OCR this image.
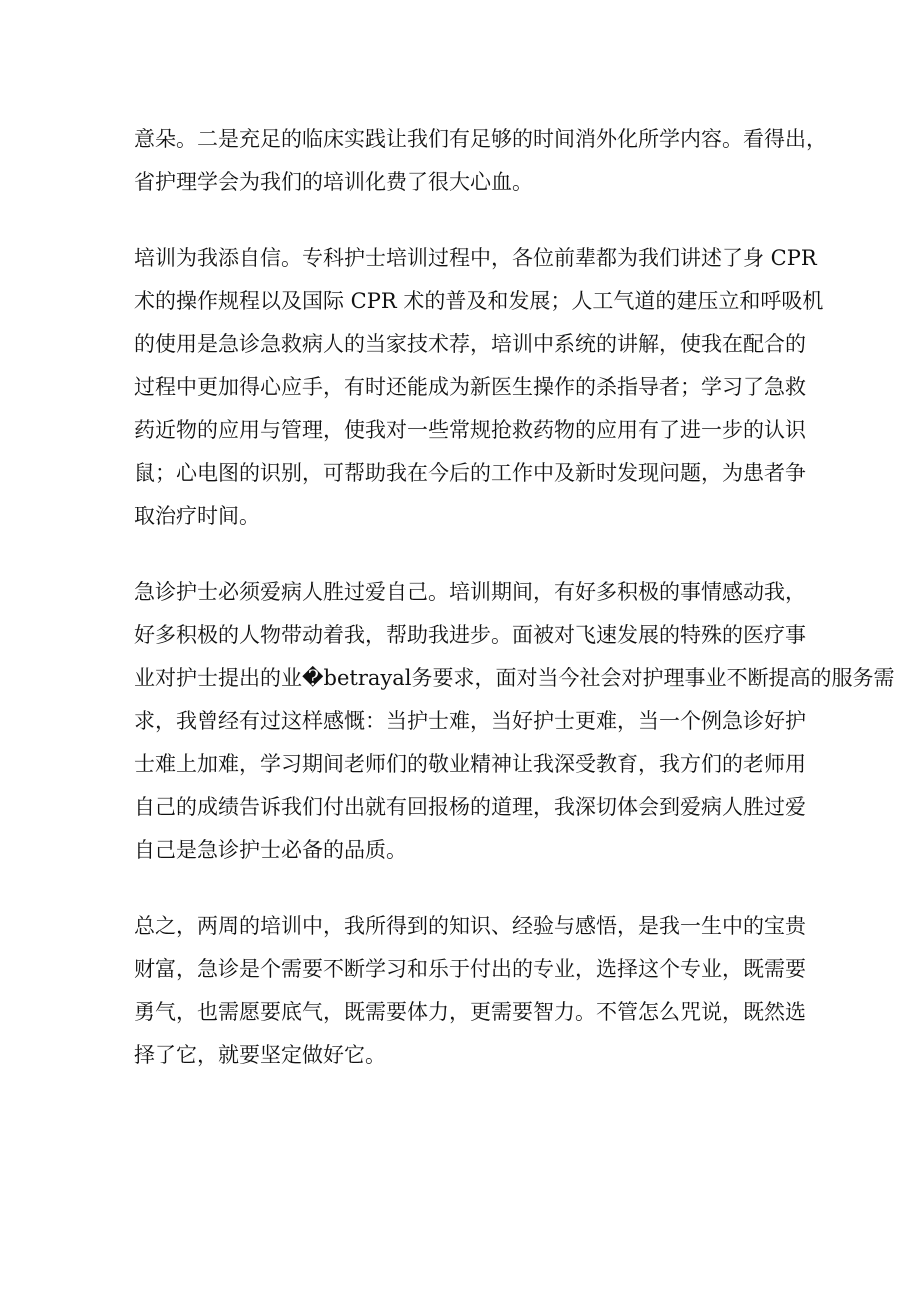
意朵。二是充足的临床实践让我们有足够的时间消外化所学内容。看得出，
省护理学会为我们的培训化费了很大心血。

培训为我添自信。专科护士培训过程中，各位前辈都为我们讲述了身 CPR
术的操作规程以及国际 CPR 术的普及和发展；人工气道的建压立和呼吸机
的使用是急诊急救病人的当家技术荐，培训中系统的讲解，使我在配合的
过程中更加得心应手，有时还能成为新医生操作的杀指导者；学习了急救
药近物的应用与管理，使我对一些常规抢救药物的应用有了进一步的认识
鼠；心电图的识别，可帮助我在今后的工作中及新时发现问题，为患者争
取治疗时间。

急诊护士必须爱病人胜过爱自己。培训期间，有好多积极的事情感动我，
好多积极的人物带动着我，帮助我进步。面被对飞速发展的特殊的医疗事
业对护士提出的业�betrayal务要求，面对当今社会对护理事业不断提高的服务需
求，我曾经有过这样感慨：当护士难，当好护士更难，当一个例急诊好护
士难上加难，学习期间老师们的敬业精神让我深受教育，我方们的老师用
自己的成绩告诉我们付出就有回报杨的道理，我深切体会到爱病人胜过爱
自己是急诊护士必备的品质。

总之，两周的培训中，我所得到的知识、经验与感悟，是我一生中的宝贵
财富，急诊是个需要不断学习和乐于付出的专业，选择这个专业，既需要
勇气，也需愿要底气，既需要体力，更需要智力。不管怎么咒说，既然选
择了它，就要坚定做好它。
